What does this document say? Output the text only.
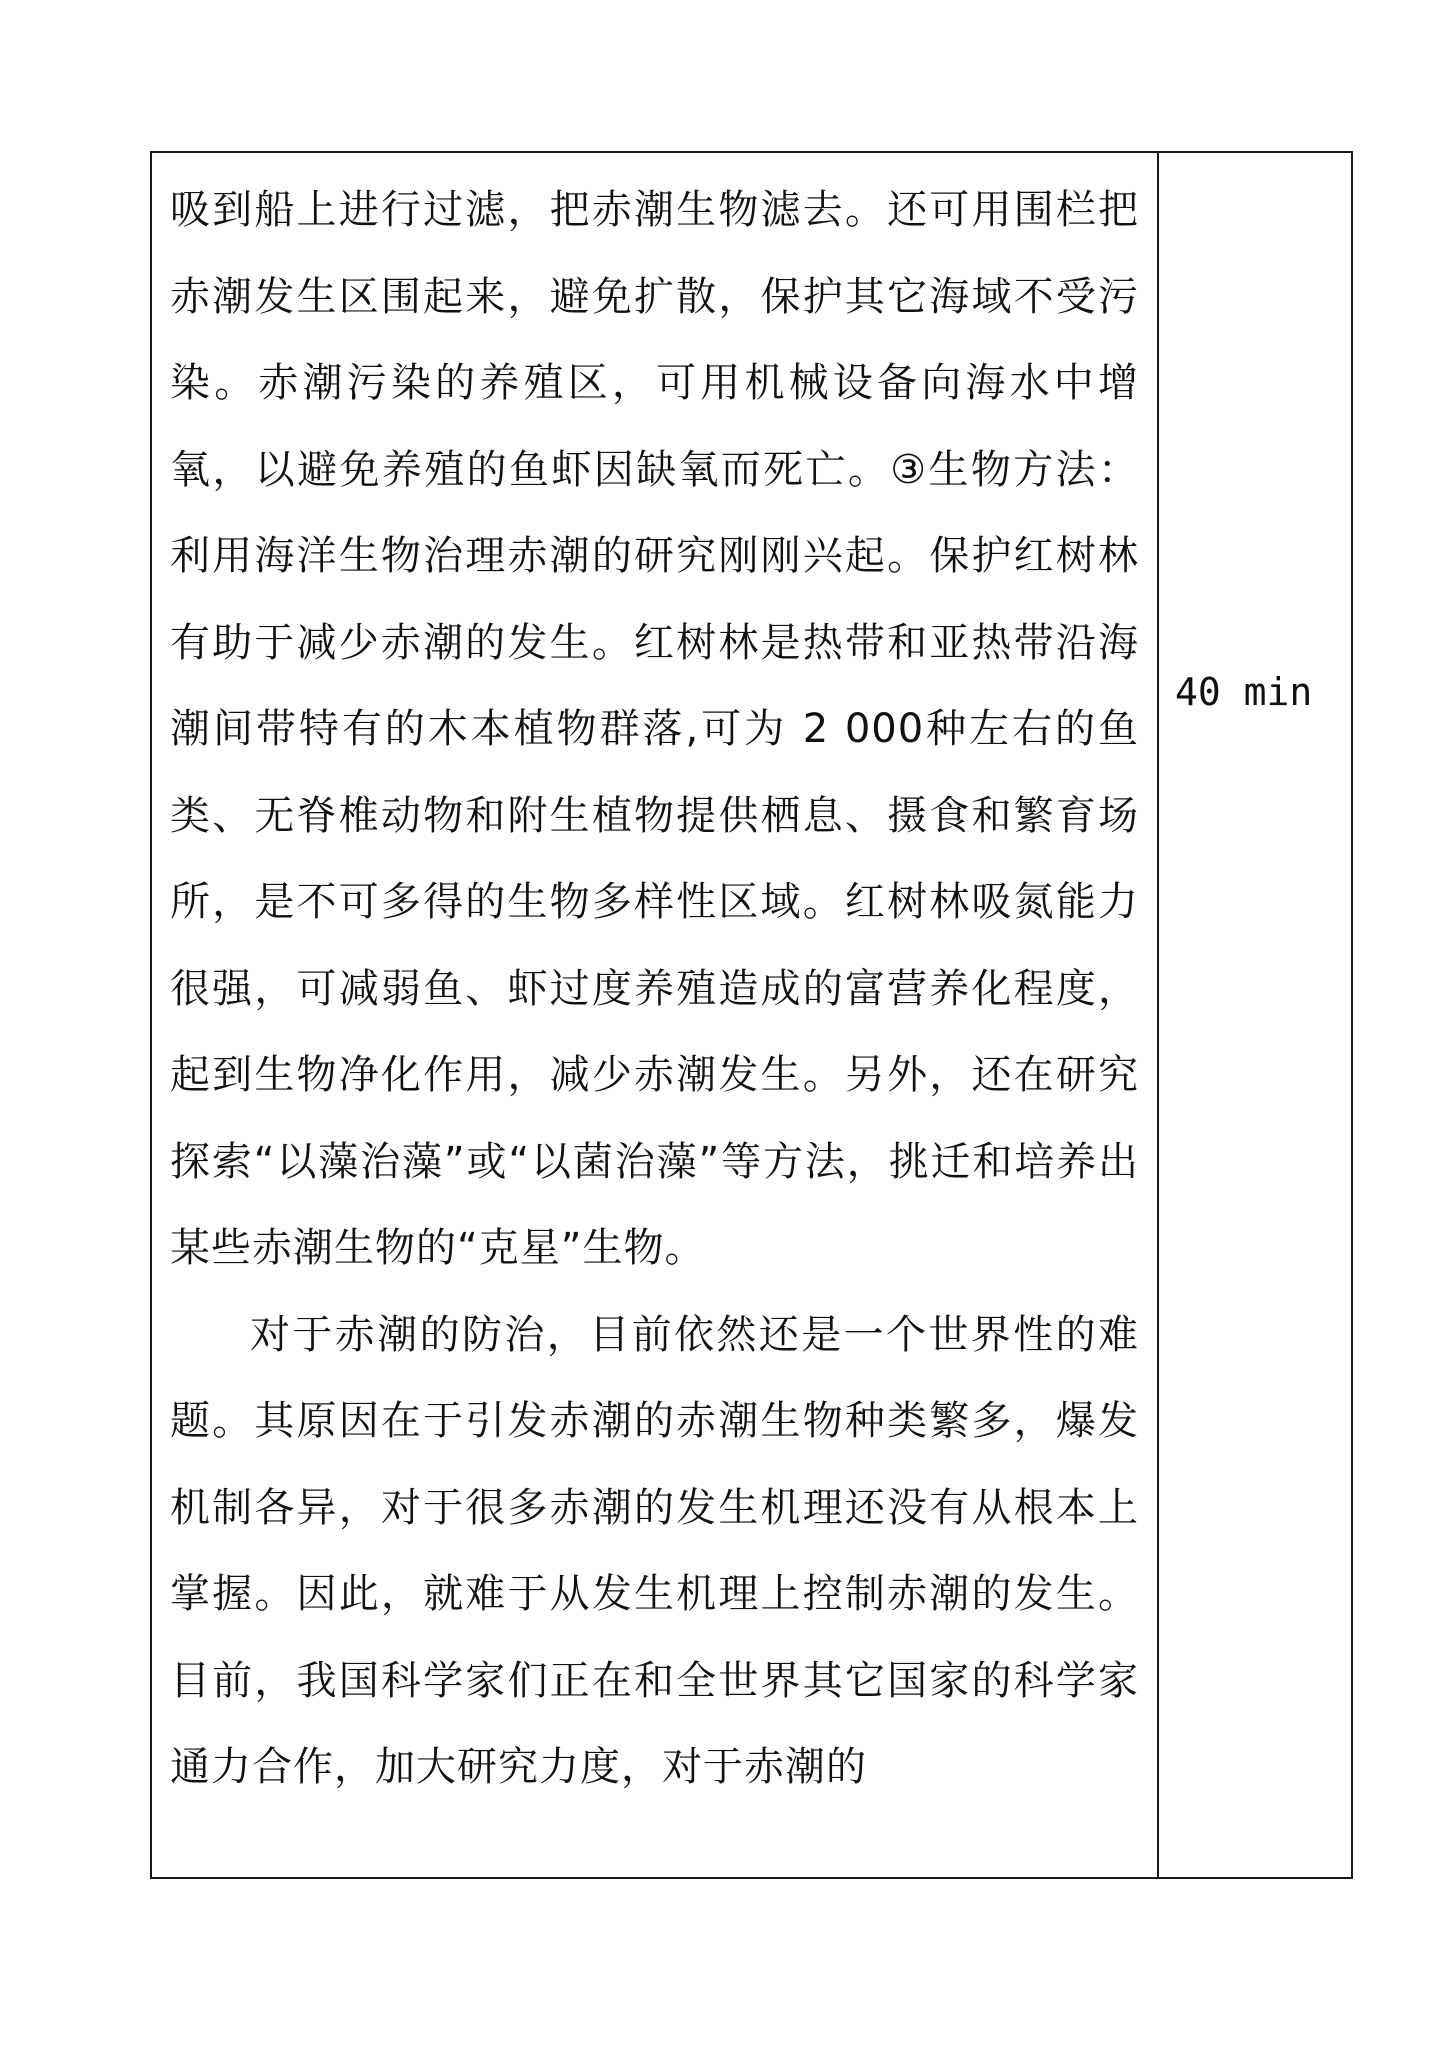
吸到船上进行过滤，把赤潮生物滤去。还可用围栏把赤潮发生区围起来，避免扩散，保护其它海域不受污染。赤潮污染的养殖区，可用机械设备向海水中增氧，以避免养殖的鱼虾因缺氧而死亡。③生物方法：利用海洋生物治理赤潮的研究刚刚兴起。保护红树林有助于减少赤潮的发生。红树林是热带和亚热带沿海潮间带特有的木本植物群落,可为 2 000种左右的鱼类、无脊椎动物和附生植物提供栖息、摄食和繁育场所，是不可多得的生物多样性区域。红树林吸氮能力很强，可减弱鱼、虾过度养殖造成的富营养化程度，起到生物净化作用，减少赤潮发生。另外，还在研究探索“以藻治藻”或“以菌治藻”等方法，挑迁和培养出某些赤潮生物的“克星”生物。

对于赤潮的防治，目前依然还是一个世界性的难题。其原因在于引发赤潮的赤潮生物种类繁多，爆发机制各异，对于很多赤潮的发生机理还没有从根本上掌握。因此，就难于从发生机理上控制赤潮的发生。目前，我国科学家们正在和全世界其它国家的科学家通力合作，加大研究力度，对于赤潮的

40 min
